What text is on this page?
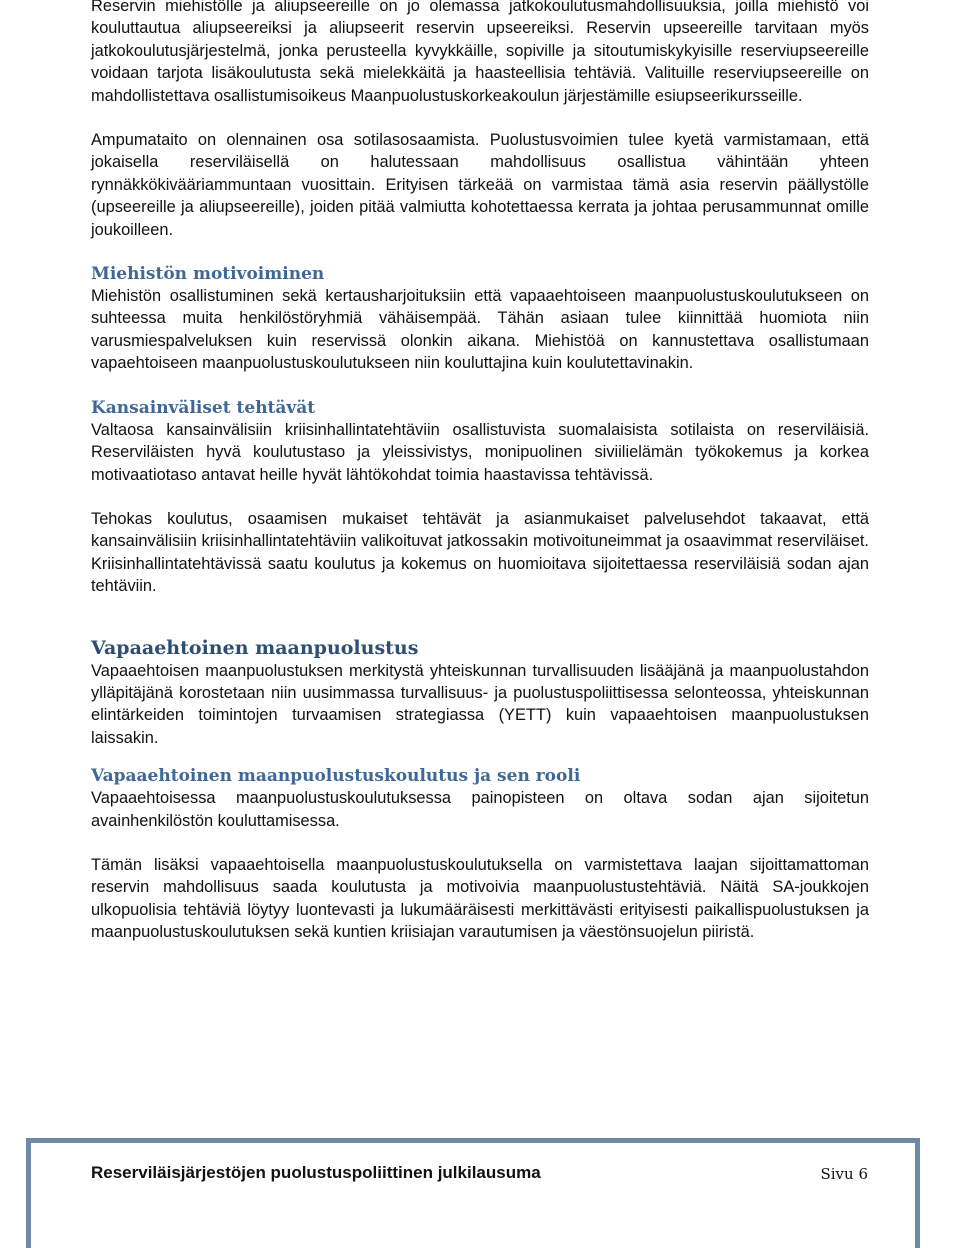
Reservin miehistölle ja aliupseereille on jo olemassa jatkokoulutusmahdollisuuksia, joilla miehistö voi kouluttautua aliupseereiksi ja aliupseerit reservin upseereiksi. Reservin upseereille tarvitaan myös jatkokoulutusjärjestelmä, jonka perusteella kyvykkäille, sopiville ja sitoutumiskykyisille reserviupseereille voidaan tarjota lisäkoulutusta sekä mielekkäitä ja haasteellisia tehtäviä. Valituille reserviupseereille on mahdollistettava osallistumisoikeus Maanpuolustuskorkeakoulun järjestämille esiupseerikursseille.

Ampumataito on olennainen osa sotilasosaamista. Puolustusvoimien tulee kyetä varmistamaan, että jokaisella reserviläisellä on halutessaan mahdollisuus osallistua vähintään yhteen rynnäkkökivääriammuntaan vuosittain. Erityisen tärkeää on varmistaa tämä asia reservin päällystölle (upseereille ja aliupseereille), joiden pitää valmiutta kohotettaessa kerrata ja johtaa perusammunnat omille joukoilleen.

Miehistön motivoiminen

Miehistön osallistuminen sekä kertausharjoituksiin että vapaaehtoiseen maanpuolustuskoulutukseen on suhteessa muita henkilöstöryhmiä vähäisempää. Tähän asiaan tulee kiinnittää huomiota niin varusmiespalveluksen kuin reservissä olonkin aikana. Miehistöä on kannustettava osallistumaan vapaehtoiseen maanpuolustuskoulutukseen niin kouluttajina kuin koulutettavinakin.

Kansainväliset tehtävät

Valtaosa kansainvälisiin kriisinhallintatehtäviin osallistuvista suomalaisista sotilaista on reserviläisiä. Reserviläisten hyvä koulutustaso ja yleissivistys, monipuolinen siviilielämän työkokemus ja korkea motivaatiotaso antavat heille hyvät lähtökohdat toimia haastavissa tehtävissä.

Tehokas koulutus, osaamisen mukaiset tehtävät ja asianmukaiset palvelusehdot takaavat, että kansainvälisiin kriisinhallintatehtäviin valikoituvat jatkossakin motivoituneimmat ja osaavimmat reserviläiset. Kriisinhallintatehtävissä saatu koulutus ja kokemus on huomioitava sijoitettaessa reserviläisiä sodan ajan tehtäviin.

Vapaaehtoinen maanpuolustus

Vapaaehtoisen maanpuolustuksen merkitystä yhteiskunnan turvallisuuden lisääjänä ja maanpuolustahdon ylläpitäjänä korostetaan niin uusimmassa turvallisuus- ja puolustuspoliittisessa selonteossa, yhteiskunnan elintärkeiden toimintojen turvaamisen strategiassa (YETT) kuin vapaaehtoisen maanpuolustuksen laissakin.

Vapaaehtoinen maanpuolustuskoulutus ja sen rooli

Vapaaehtoisessa maanpuolustuskoulutuksessa painopisteen on oltava sodan ajan sijoitetun avainhenkilöstön kouluttamisessa.

Tämän lisäksi vapaaehtoisella maanpuolustuskoulutuksella on varmistettava laajan sijoittamattoman reservin mahdollisuus saada koulutusta ja motivoivia maanpuolustustehtäviä. Näitä SA-joukkojen ulkopuolisia tehtäviä löytyy luontevasti ja lukumääräisesti merkittävästi erityisesti paikallispuolustuksen ja maanpuolustuskoulutuksen sekä kuntien kriisiajan varautumisen ja väestönsuojelun piiristä.

Reserviläisjärjestöjen puolustuspoliittinen julkilausuma	Sivu 6
